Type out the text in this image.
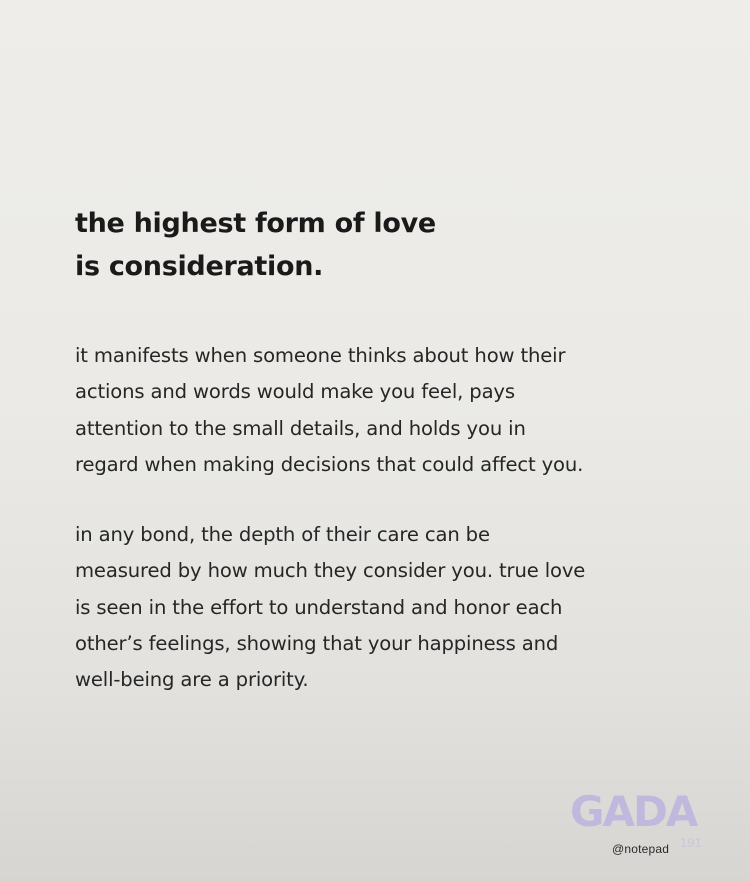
the highest form of love
is consideration.

it manifests when someone thinks about how their
actions and words would make you feel, pays
attention to the small details, and holds you in
regard when making decisions that could affect you.

in any bond, the depth of their care can be
measured by how much they consider you. true love
is seen in the effort to understand and honor each
other’s feelings, showing that your happiness and
well-being are a priority.

GADA
191
@notepad
